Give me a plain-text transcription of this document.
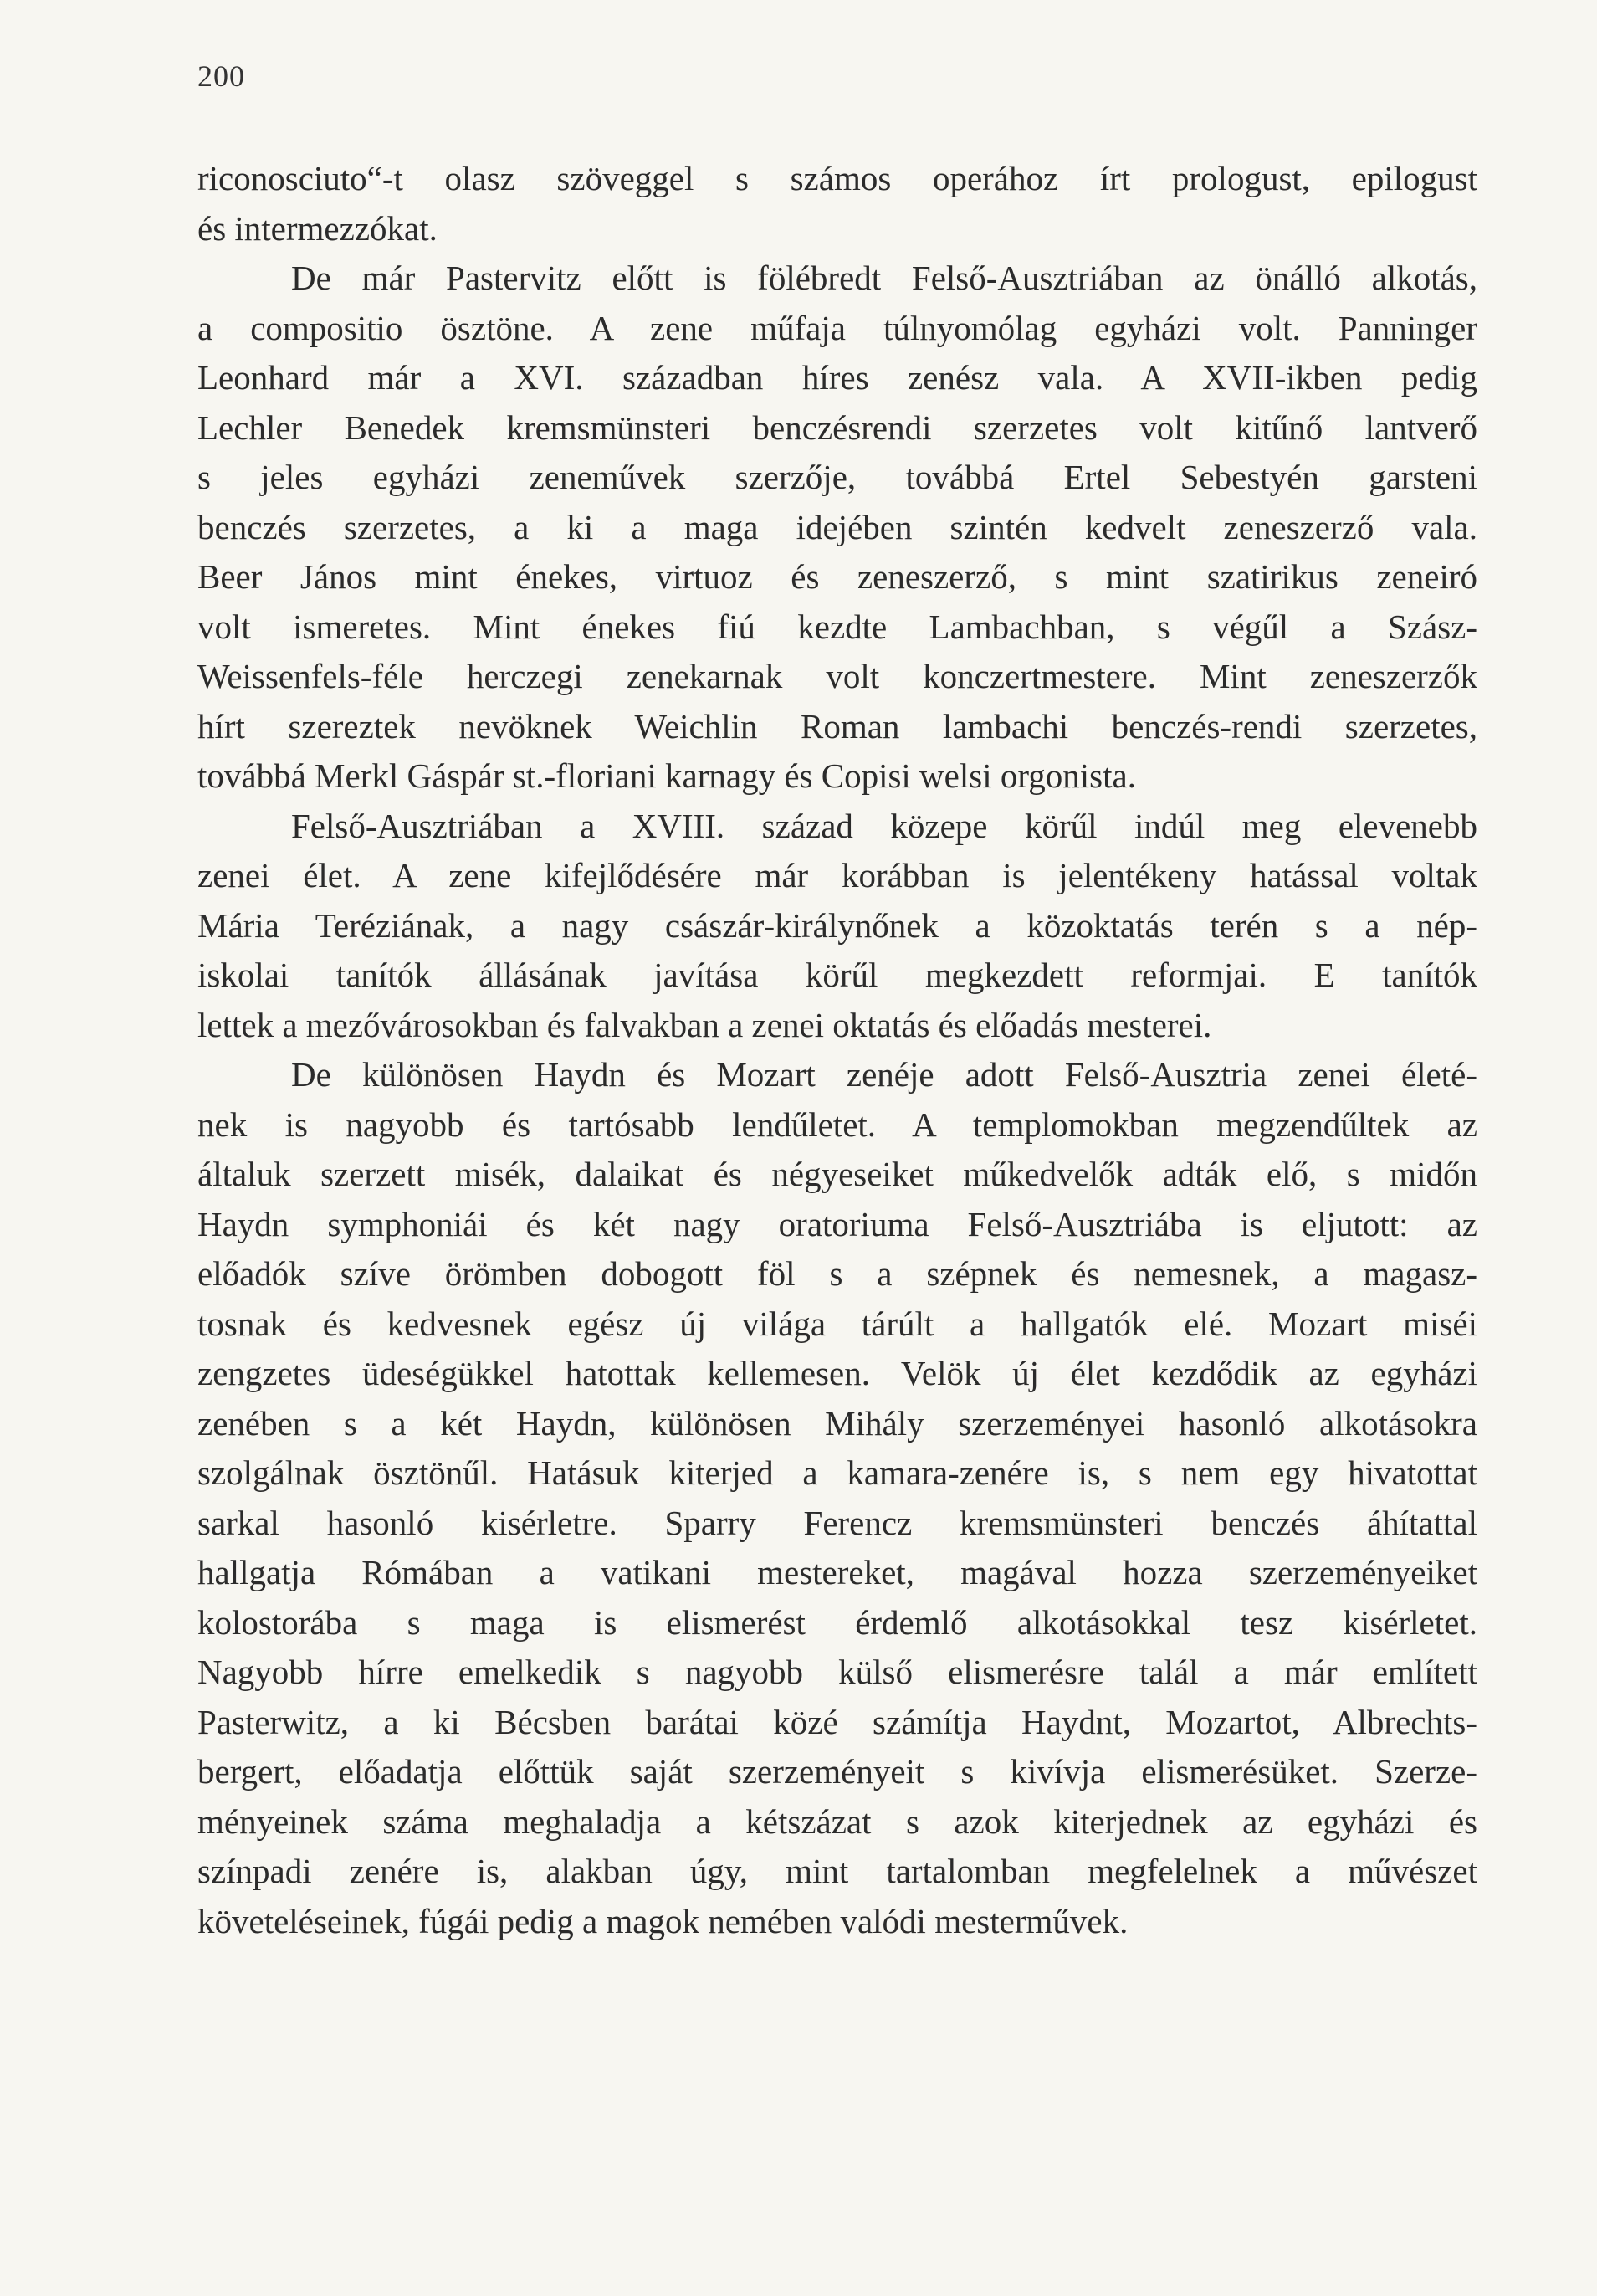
200
riconosciuto“-t olasz szöveggel s számos operához írt prologust, epilogust
és intermezzókat.
De már Pastervitz előtt is fölébredt Felső-Ausztriában az önálló alkotás,
a compositio ösztöne. A zene műfaja túlnyomólag egyházi volt. Panninger
Leonhard már a XVI. században híres zenész vala. A XVII-ikben pedig
Lechler Benedek kremsmünsteri benczésrendi szerzetes volt kitűnő lantverő
s jeles egyházi zeneművek szerzője, továbbá Ertel Sebestyén garsteni
benczés szerzetes, a ki a maga idejében szintén kedvelt zeneszerző vala.
Beer János mint énekes, virtuoz és zeneszerző, s mint szatirikus zeneiró
volt ismeretes. Mint énekes fiú kezdte Lambachban, s végűl a Szász-
Weissenfels-féle herczegi zenekarnak volt konczertmestere. Mint zeneszerzők
hírt szereztek nevöknek Weichlin Roman lambachi benczés-rendi szerzetes,
továbbá Merkl Gáspár st.-floriani karnagy és Copisi welsi orgonista.
Felső-Ausztriában a XVIII. század közepe körűl indúl meg elevenebb
zenei élet. A zene kifejlődésére már korábban is jelentékeny hatással voltak
Mária Teréziának, a nagy császár-királynőnek a közoktatás terén s a nép-
iskolai tanítók állásának javítása körűl megkezdett reformjai. E tanítók
lettek a mezővárosokban és falvakban a zenei oktatás és előadás mesterei.
De különösen Haydn és Mozart zenéje adott Felső-Ausztria zenei életé-
nek is nagyobb és tartósabb lendűletet. A templomokban megzendűltek az
általuk szerzett misék, dalaikat és négyeseiket műkedvelők adták elő, s midőn
Haydn symphoniái és két nagy oratoriuma Felső-Ausztriába is eljutott: az
előadók szíve örömben dobogott föl s a szépnek és nemesnek, a magasz-
tosnak és kedvesnek egész új világa tárúlt a hallgatók elé. Mozart miséi
zengzetes üdeségükkel hatottak kellemesen. Velök új élet kezdődik az egyházi
zenében s a két Haydn, különösen Mihály szerzeményei hasonló alkotásokra
szolgálnak ösztönűl. Hatásuk kiterjed a kamara-zenére is, s nem egy hivatottat
sarkal hasonló kisérletre. Sparry Ferencz kremsmünsteri benczés áhítattal
hallgatja Rómában a vatikani mestereket, magával hozza szerzeményeiket
kolostorába s maga is elismerést érdemlő alkotásokkal tesz kisérletet.
Nagyobb hírre emelkedik s nagyobb külső elismerésre talál a már említett
Pasterwitz, a ki Bécsben barátai közé számítja Haydnt, Mozartot, Albrechts-
bergert, előadatja előttük saját szerzeményeit s kivívja elismerésüket. Szerze-
ményeinek száma meghaladja a kétszázat s azok kiterjednek az egyházi és
színpadi zenére is, alakban úgy, mint tartalomban megfelelnek a művészet
követeléseinek, fúgái pedig a magok nemében valódi mesterművek.
